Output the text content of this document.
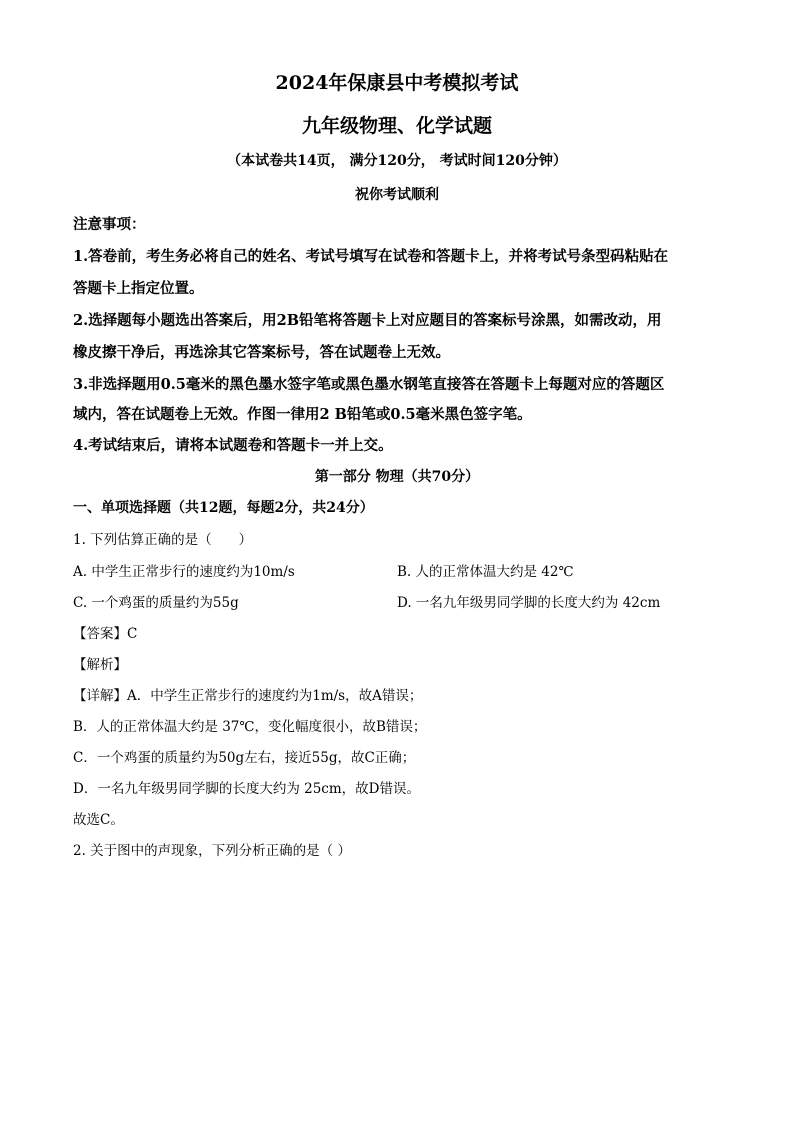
2024年保康县中考模拟考试
九年级物理、化学试题
（本试卷共14页， 满分120分， 考试时间120分钟）
祝你考试顺利
注意事项：
1.答卷前，考生务必将自己的姓名、考试号填写在试卷和答题卡上，并将考试号条型码粘贴在
答题卡上指定位置。
2.选择题每小题选出答案后，用2B铅笔将答题卡上对应题目的答案标号涂黑，如需改动，用
橡皮擦干净后，再选涂其它答案标号，答在试题卷上无效。
3.非选择题用0.5毫米的黑色墨水签字笔或黑色墨水钢笔直接答在答题卡上每题对应的答题区
域内，答在试题卷上无效。作图一律用2 B铅笔或0.5毫米黑色签字笔。
4.考试结束后，请将本试题卷和答题卡一并上交。
第一部分 物理（共70分）
一、单项选择题（共12题，每题2分，共24分）
1. 下列估算正确的是（　　）
A. 中学生正常步行的速度约为10m/s	B. 人的正常体温大约是 42℃
C. 一个鸡蛋的质量约为55g	D. 一名九年级男同学脚的长度大约为 42cm
【答案】C
【解析】
【详解】A．中学生正常步行的速度约为1m/s，故A错误；
B．人的正常体温大约是 37℃，变化幅度很小，故B错误；
C．一个鸡蛋的质量约为50g左右，接近55g，故C正确；
D．一名九年级男同学脚的长度大约为 25cm，故D错误。
故选C。
2. 关于图中的声现象，下列分析正确的是（ ）
